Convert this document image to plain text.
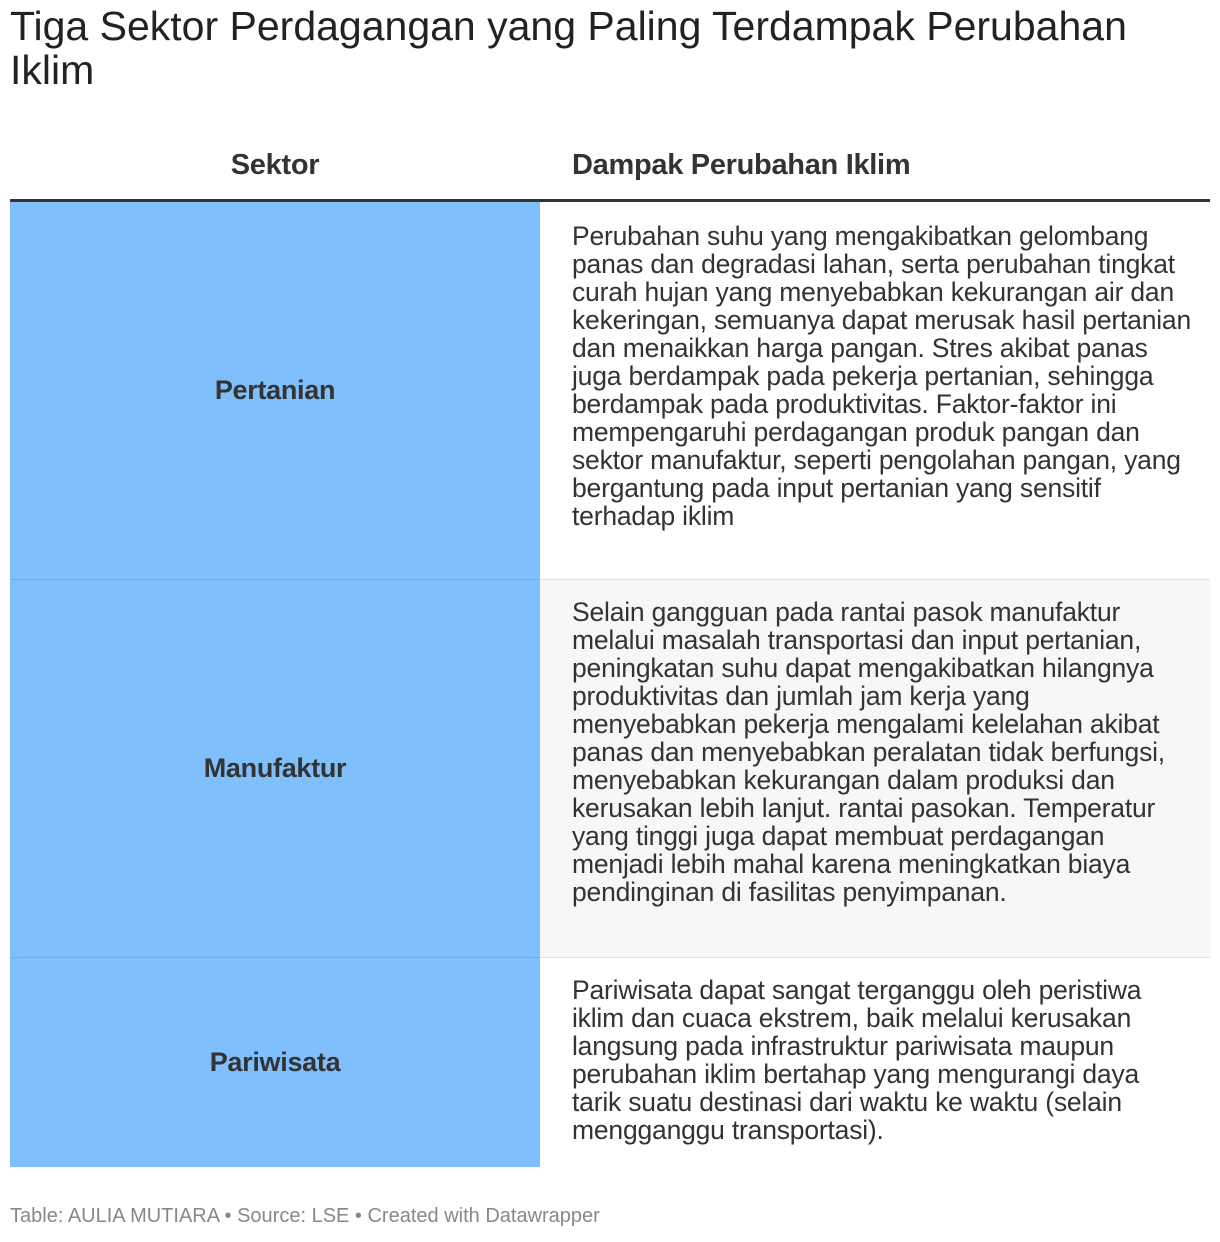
Tiga Sektor Perdagangan yang Paling Terdampak Perubahan Iklim
Sektor	Dampak Perubahan Iklim
Pertanian
Perubahan suhu yang mengakibatkan gelombang panas dan degradasi lahan, serta perubahan tingkat curah hujan yang menyebabkan kekurangan air dan kekeringan, semuanya dapat merusak hasil pertanian dan menaikkan harga pangan. Stres akibat panas juga berdampak pada pekerja pertanian, sehingga berdampak pada produktivitas. Faktor-faktor ini mempengaruhi perdagangan produk pangan dan sektor manufaktur, seperti pengolahan pangan, yang bergantung pada input pertanian yang sensitif terhadap iklim
Manufaktur
Selain gangguan pada rantai pasok manufaktur melalui masalah transportasi dan input pertanian, peningkatan suhu dapat mengakibatkan hilangnya produktivitas dan jumlah jam kerja yang menyebabkan pekerja mengalami kelelahan akibat panas dan menyebabkan peralatan tidak berfungsi, menyebabkan kekurangan dalam produksi dan kerusakan lebih lanjut. rantai pasokan. Temperatur yang tinggi juga dapat membuat perdagangan menjadi lebih mahal karena meningkatkan biaya pendinginan di fasilitas penyimpanan.
Pariwisata
Pariwisata dapat sangat terganggu oleh peristiwa iklim dan cuaca ekstrem, baik melalui kerusakan langsung pada infrastruktur pariwisata maupun perubahan iklim bertahap yang mengurangi daya tarik suatu destinasi dari waktu ke waktu (selain mengganggu transportasi).
Table: AULIA MUTIARA • Source: LSE • Created with Datawrapper
